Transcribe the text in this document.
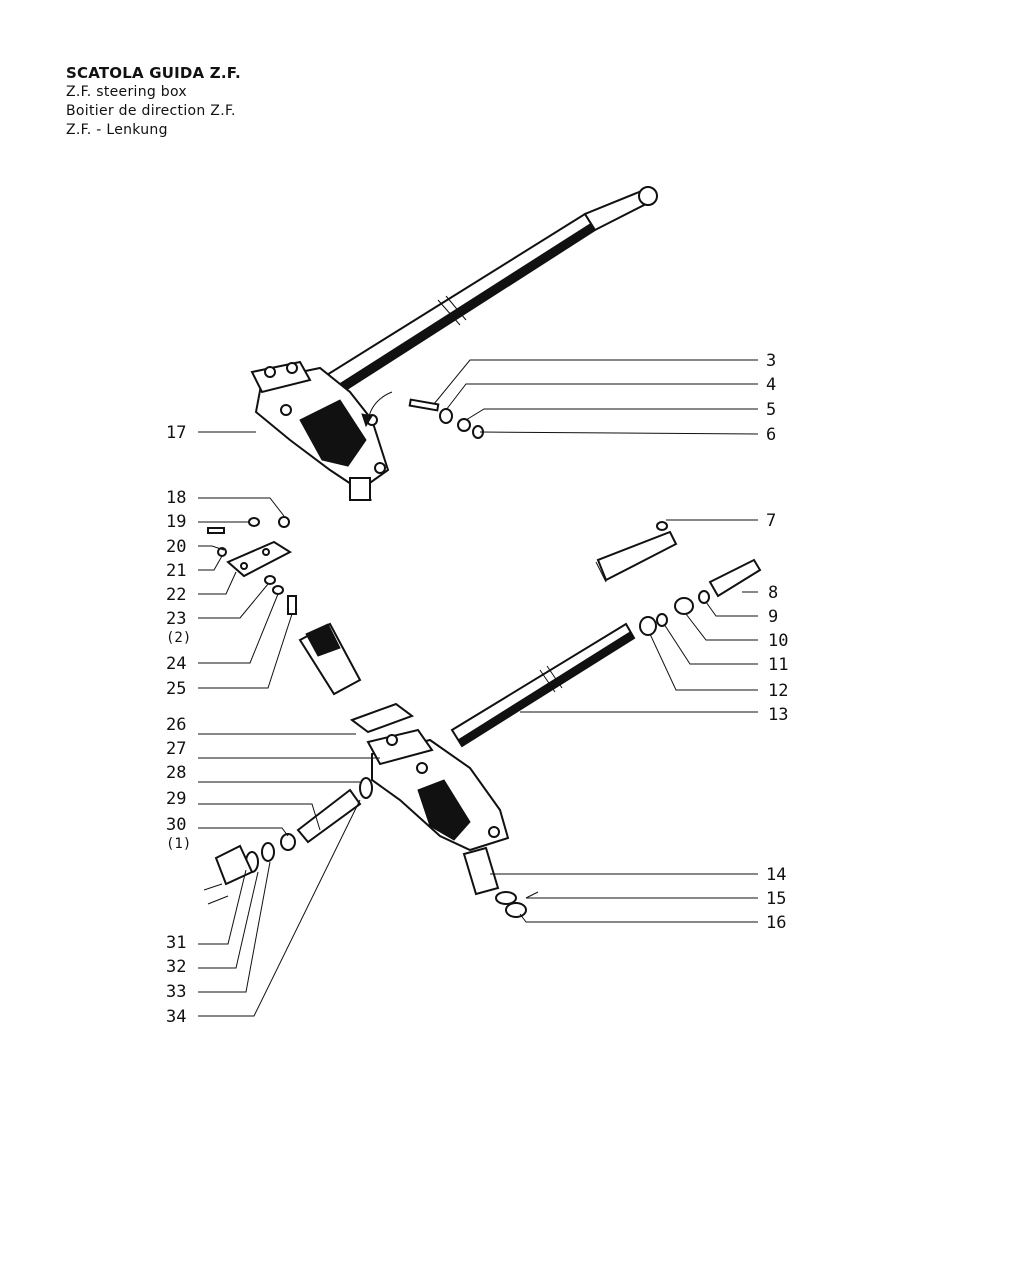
SCATOLA GUIDA Z.F.
Z.F. steering box
Boitier de direction Z.F.
Z.F. - Lenkung
3
4
5
6
7
8
9
10
11
12
13
14
15
16
17
18
19
20
21
22
23
(2)
24
25
26
27
28
29
30
(1)
31
32
33
34
